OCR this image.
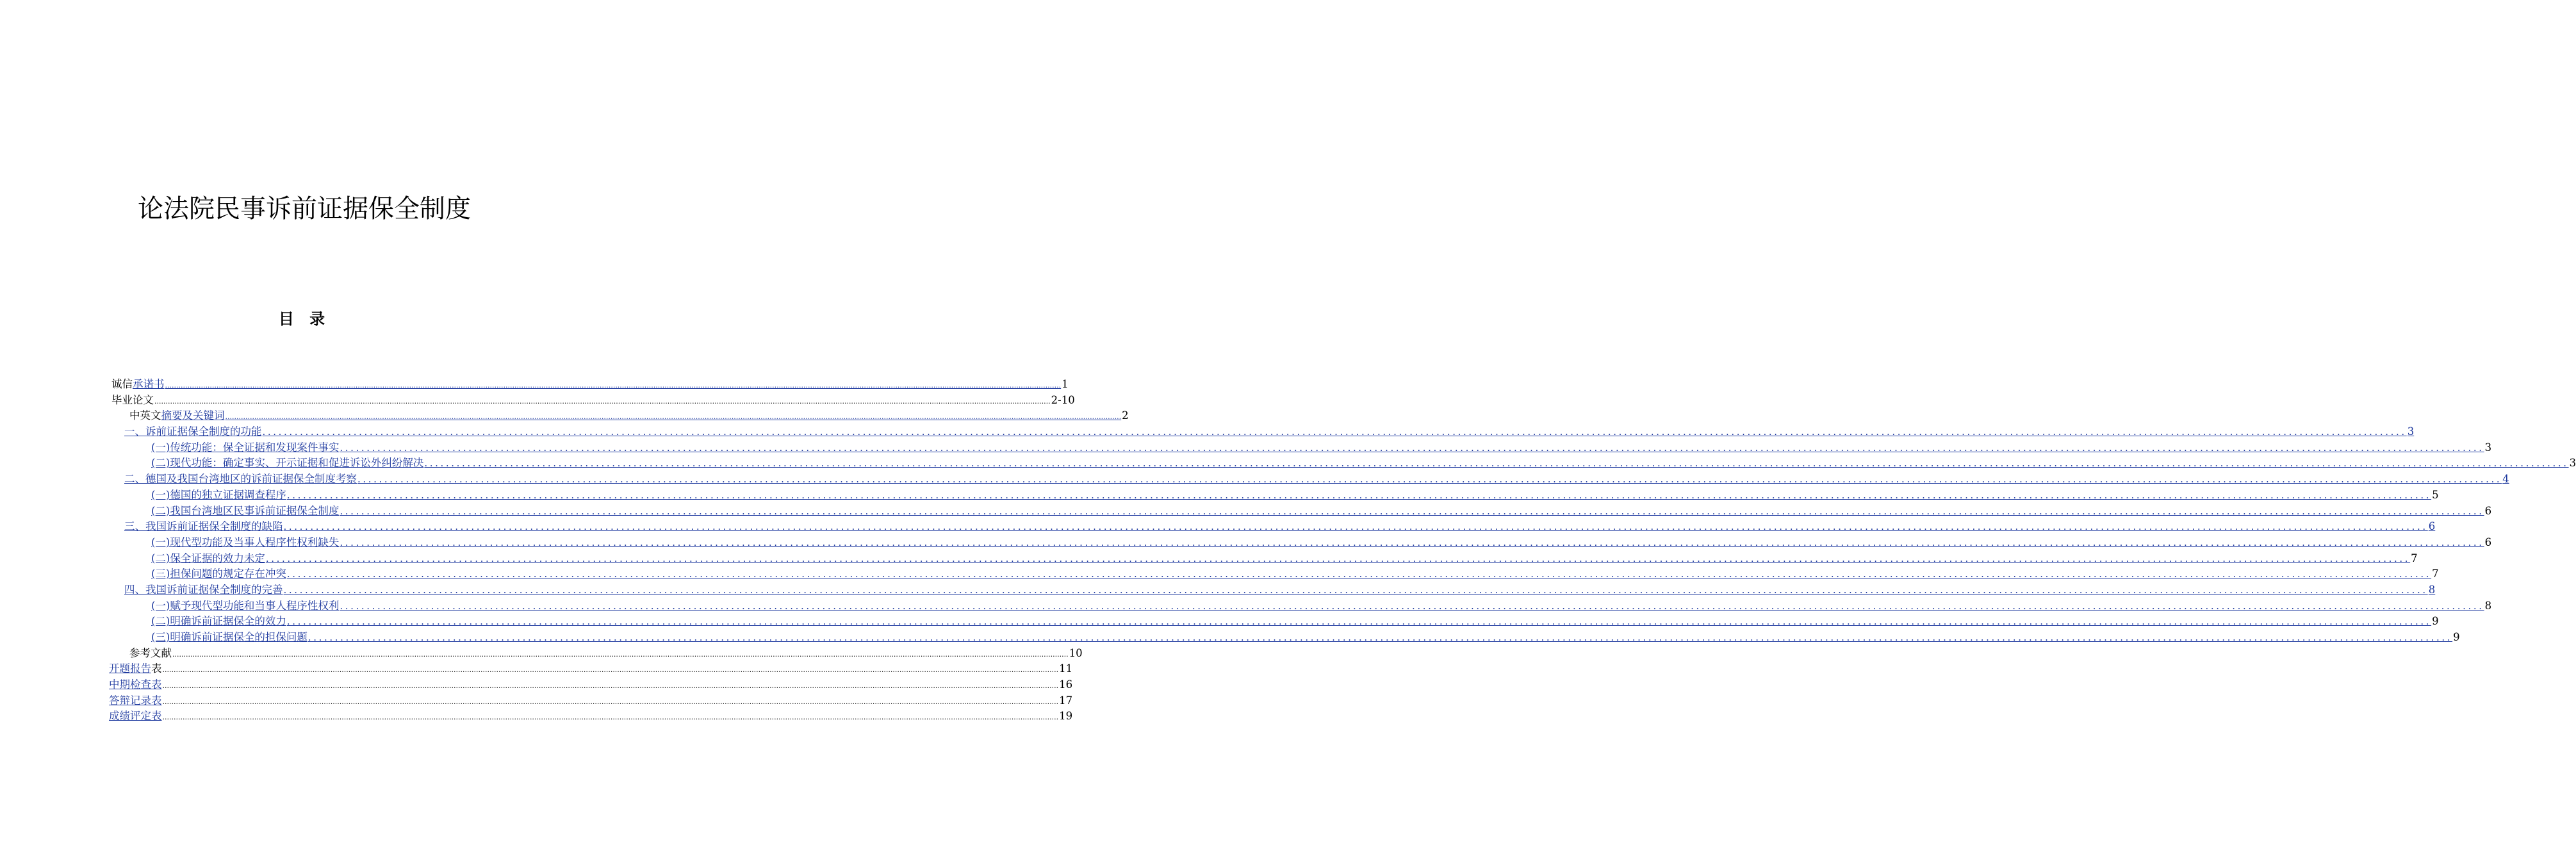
论法院民事诉前证据保全制度
目 录
诚信 承诺书 ................................................................................................................................................................................................................................................................................................................................................................................................................ 1
毕业论文 ................................................................................................................................................................................................................................................................................................................................................................................................................ 2-10
中英文 摘要及关键词 ................................................................................................................................................................................................................................................................................................................................................................................................................ 2
一、诉前证据保全制度的功能 ................................................................................................................................................................................................................................................................................................................................................................................................................ 3
(一)传统功能：保全证据和发现案件事实 ................................................................................................................................................................................................................................................................................................................................................................................................................ 3
(二)现代功能：确定事实、开示证据和促进诉讼外纠纷解决 ................................................................................................................................................................................................................................................................................................................................................................................................................ 3
二、德国及我国台湾地区的诉前证据保全制度考察 ................................................................................................................................................................................................................................................................................................................................................................................................................ 4
(一)德国的独立证据调查程序 ................................................................................................................................................................................................................................................................................................................................................................................................................ 5
(二)我国台湾地区民事诉前证据保全制度 ................................................................................................................................................................................................................................................................................................................................................................................................................ 6
三、我国诉前证据保全制度的缺陷 ................................................................................................................................................................................................................................................................................................................................................................................................................ 6
(一)现代型功能及当事人程序性权利缺失 ................................................................................................................................................................................................................................................................................................................................................................................................................ 6
(二)保全证据的效力未定 ................................................................................................................................................................................................................................................................................................................................................................................................................ 7
(三)担保问题的规定存在冲突 ................................................................................................................................................................................................................................................................................................................................................................................................................ 7
四、我国诉前证据保全制度的完善 ................................................................................................................................................................................................................................................................................................................................................................................................................ 8
(一)赋予现代型功能和当事人程序性权利 ................................................................................................................................................................................................................................................................................................................................................................................................................ 8
(二)明确诉前证据保全的效力 ................................................................................................................................................................................................................................................................................................................................................................................................................ 9
(三)明确诉前证据保全的担保问题 ................................................................................................................................................................................................................................................................................................................................................................................................................ 9
参考文献 ................................................................................................................................................................................................................................................................................................................................................................................................................ 10
开题报告 表 ................................................................................................................................................................................................................................................................................................................................................................................................................ 11
中期检查表 ................................................................................................................................................................................................................................................................................................................................................................................................................ 16
答辩记录表 ................................................................................................................................................................................................................................................................................................................................................................................................................ 17
成绩评定表 ................................................................................................................................................................................................................................................................................................................................................................................................................ 19
